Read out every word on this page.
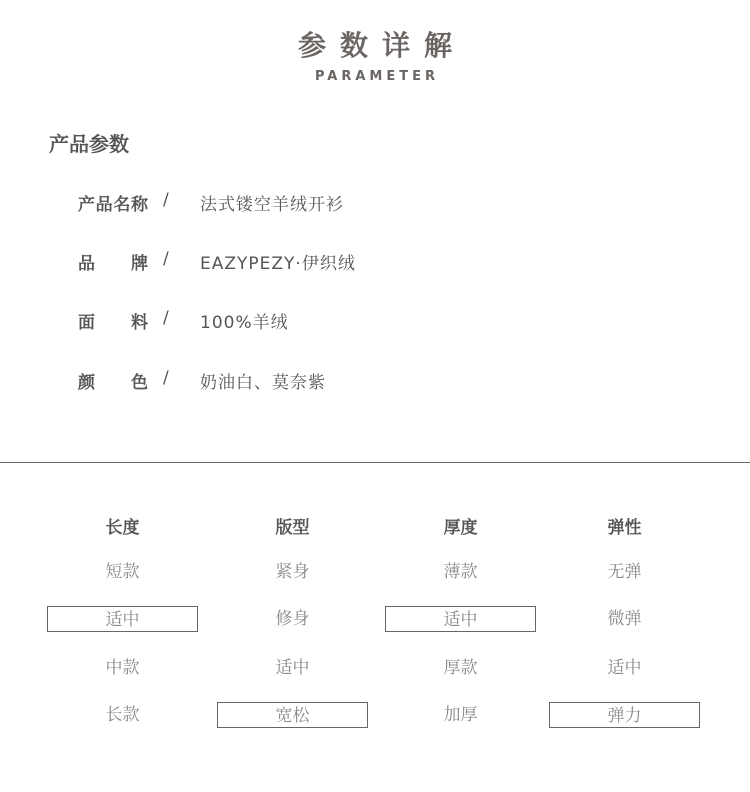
参数详解
PARAMETER
产品参数
产品名称 / 法式镂空羊绒开衫
品牌 / EAZYPEZY·伊织绒
面料 / 100%羊绒
颜色 / 奶油白、莫奈紫
长度
短款
适中
中款
长款
版型
紧身
修身
适中
宽松
厚度
薄款
适中
厚款
加厚
弹性
无弹
微弹
适中
弹力
